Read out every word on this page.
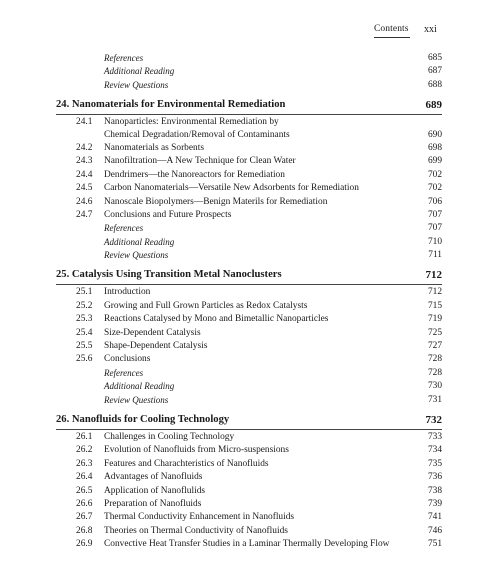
Contents xxi
References	685
Additional Reading	687
Review Questions	688
24. Nanomaterials for Environmental Remediation	689
24.1 Nanoparticles: Environmental Remediation by
Chemical Degradation/Removal of Contaminants	690
24.2 Nanomaterials as Sorbents	698
24.3 Nanofiltration—A New Technique for Clean Water	699
24.4 Dendrimers—the Nanoreactors for Remediation	702
24.5 Carbon Nanomaterials—Versatile New Adsorbents for Remediation	702
24.6 Nanoscale Biopolymers—Benign Materils for Remediation	706
24.7 Conclusions and Future Prospects	707
References	707
Additional Reading	710
Review Questions	711
25. Catalysis Using Transition Metal Nanoclusters	712
25.1 Introduction	712
25.2 Growing and Full Grown Particles as Redox Catalysts	715
25.3 Reactions Catalysed by Mono and Bimetallic Nanoparticles	719
25.4 Size-Dependent Catalysis	725
25.5 Shape-Dependent Catalysis	727
25.6 Conclusions	728
References	728
Additional Reading	730
Review Questions	731
26. Nanofluids for Cooling Technology	732
26.1 Challenges in Cooling Technology	733
26.2 Evolution of Nanofluids from Micro-suspensions	734
26.3 Features and Charachteristics of Nanofluids	735
26.4 Advantages of Nanofluids	736
26.5 Application of Nanoflulids	738
26.6 Preparation of Nanofluids	739
26.7 Thermal Conductivity Enhancement in Nanofluids	741
26.8 Theories on Thermal Conductivity of Nanofluids	746
26.9 Convective Heat Transfer Studies in a Laminar Thermally Developing Flow	751
